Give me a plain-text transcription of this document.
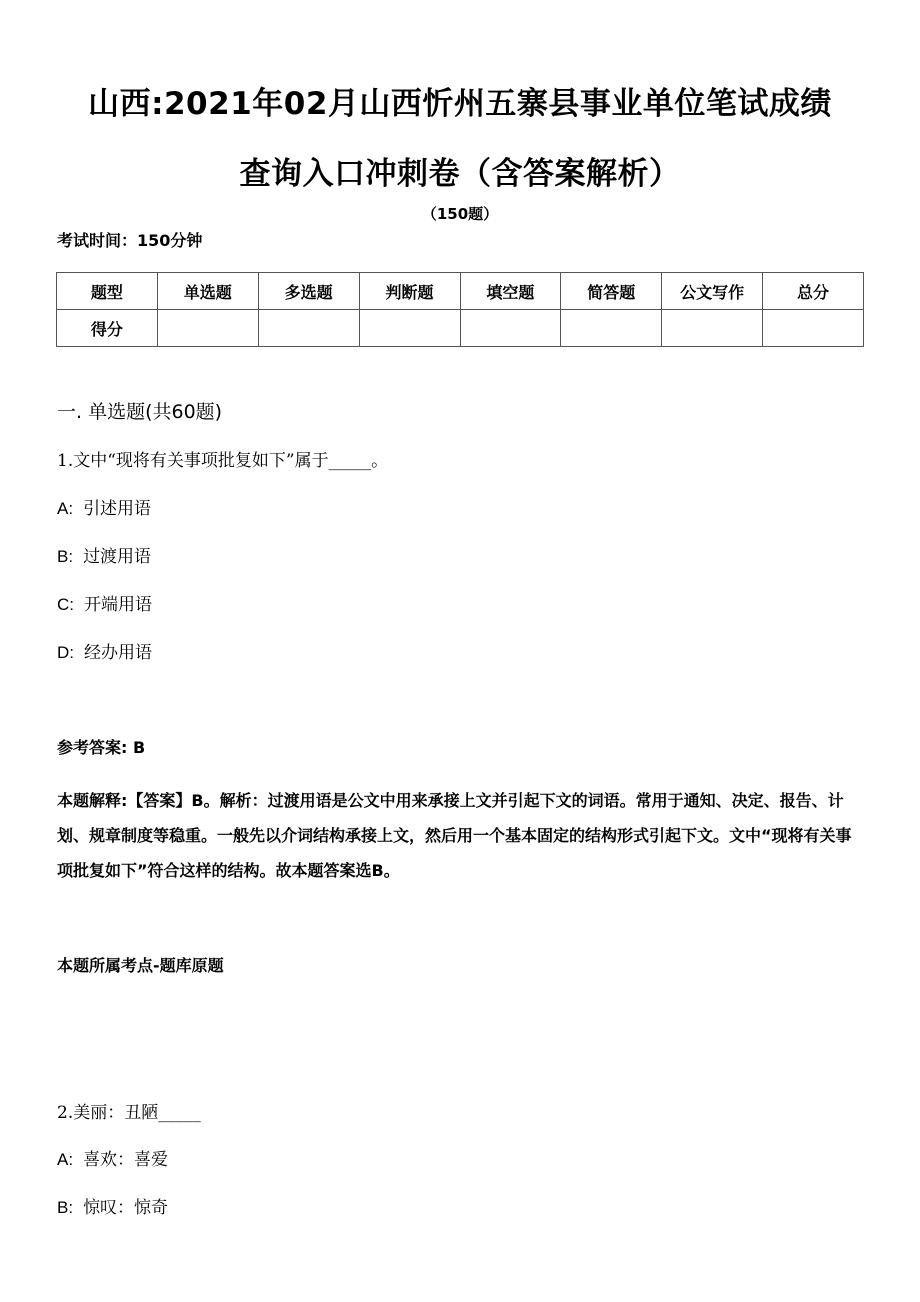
山西:2021年02月山西忻州五寨县事业单位笔试成绩
查询入口冲刺卷（含答案解析）
（150题）
考试时间：150分钟
题型	单选题	多选题	判断题	填空题	简答题	公文写作	总分
得分							
一. 单选题(共60题)
1.文中“现将有关事项批复如下”属于_____。
A: 引述用语
B: 过渡用语
C: 开端用语
D: 经办用语
参考答案: B
本题解释:【答案】B。解析：过渡用语是公文中用来承接上文并引起下文的词语。常用于通知、决定、报告、计划、规章制度等稳重。一般先以介词结构承接上文，然后用一个基本固定的结构形式引起下文。文中“现将有关事项批复如下”符合这样的结构。故本题答案选B。
本题所属考点-题库原题
2.美丽：丑陋_____
A: 喜欢：喜爱
B: 惊叹：惊奇
